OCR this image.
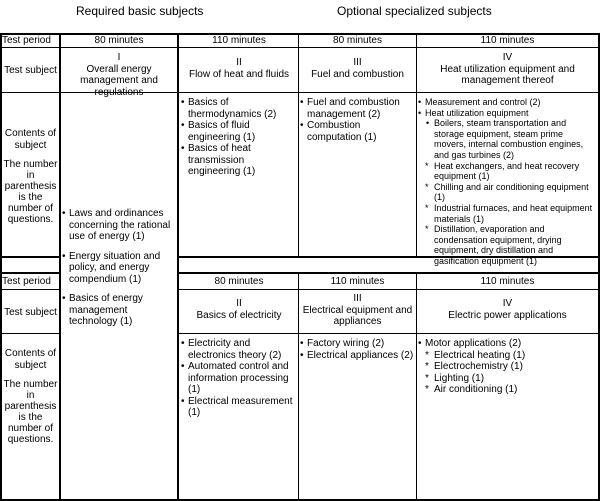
Required basic subjects	Optional specialized subjects
Test period
Test subject
Contents of subject
The number in parenthesis is the number of questions.
80 minutes
I
Overall energy management and regulations
• Laws and ordinances concerning the rational use of energy (1)
• Energy situation and policy, and energy compendium (1)
• Basics of energy management technology (1)
110 minutes
II
Flow of heat and fluids
• Basics of thermodynamics (2)
• Basics of fluid engineering (1)
• Basics of heat transmission engineering (1)
80 minutes
III
Fuel and combustion
• Fuel and combustion management (2)
• Combustion computation (1)
110 minutes
IV
Heat utilization equipment and management thereof
• Measurement and control (2)
• Heat utilization equipment
• Boilers, steam transportation and storage equipment, steam prime movers, internal combustion engines, and gas turbines (2)
* Heat exchangers, and heat recovery equipment (1)
* Chilling and air conditioning equipment (1)
* Industrial furnaces, and heat equipment materials (1)
* Distillation, evaporation and condensation equipment, drying equipment, dry distillation and gasification equipment (1)
Test period
Test subject
Contents of subject
The number in parenthesis is the number of questions.
80 minutes
II
Basics of electricity
• Electricity and electronics theory (2)
• Automated control and information processing (1)
• Electrical measurement (1)
110 minutes
III
Electrical equipment and appliances
• Factory wiring (2)
• Electrical appliances (2)
110 minutes
IV
Electric power applications
• Motor applications (2)
* Electrical heating (1)
* Electrochemistry (1)
* Lighting (1)
* Air conditioning (1)
